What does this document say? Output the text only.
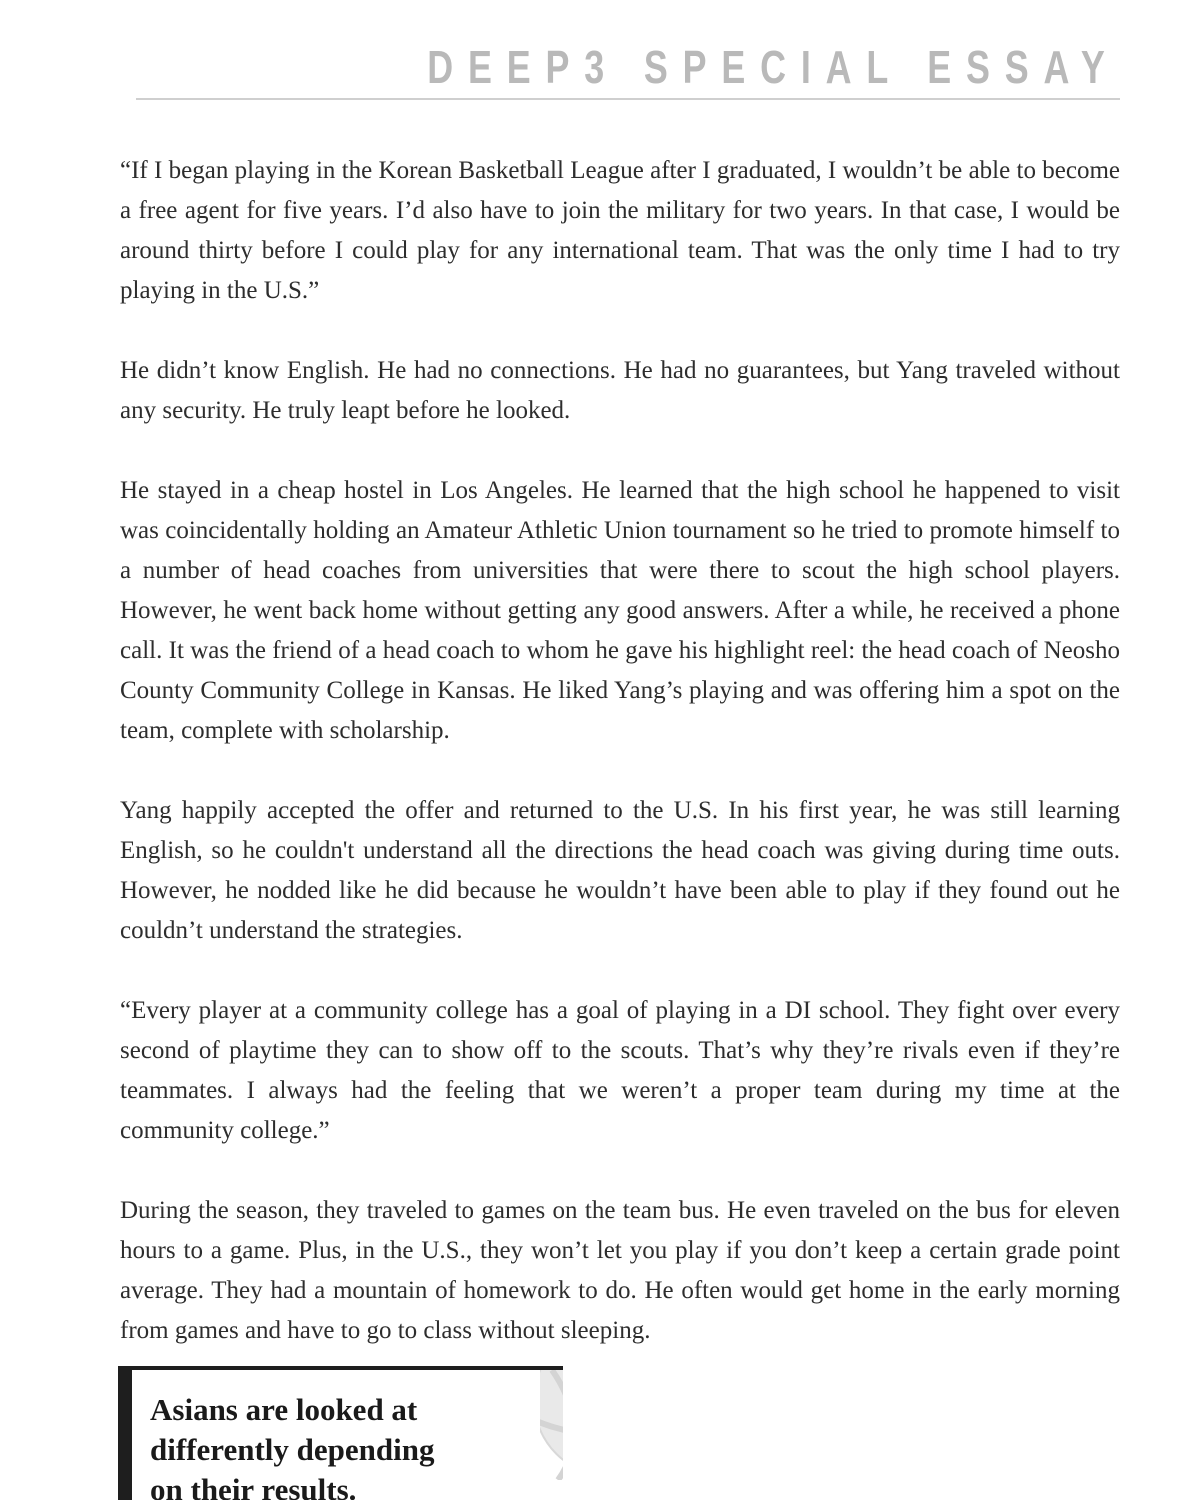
DEEP3 SPECIAL ESSAY

“If I began playing in the Korean Basketball League after I graduated, I wouldn’t be able to become a free agent for five years. I’d also have to join the military for two years. In that case, I would be around thirty before I could play for any international team. That was the only time I had to try playing in the U.S.”

He didn’t know English. He had no connections. He had no guarantees, but Yang traveled without any security. He truly leapt before he looked.

He stayed in a cheap hostel in Los Angeles. He learned that the high school he happened to visit was coincidentally holding an Amateur Athletic Union tournament so he tried to promote himself to a number of head coaches from universities that were there to scout the high school players. However, he went back home without getting any good answers. After a while, he received a phone call. It was the friend of a head coach to whom he gave his highlight reel: the head coach of Neosho County Community College in Kansas. He liked Yang’s playing and was offering him a spot on the team, complete with scholarship.

Yang happily accepted the offer and returned to the U.S. In his first year, he was still learning English, so he couldn't understand all the directions the head coach was giving during time outs. However, he nodded like he did because he wouldn’t have been able to play if they found out he couldn’t understand the strategies.

“Every player at a community college has a goal of playing in a DI school. They fight over every second of playtime they can to show off to the scouts. That’s why they’re rivals even if they’re teammates. I always had the feeling that we weren’t a proper team during my time at the community college.”

During the season, they traveled to games on the team bus. He even traveled on the bus for eleven hours to a game. Plus, in the U.S., they won’t let you play if you don’t keep a certain grade point average. They had a mountain of homework to do. He often would get home in the early morning from games and have to go to class without sleeping.

Asians are looked at
differently depending
on their results.
